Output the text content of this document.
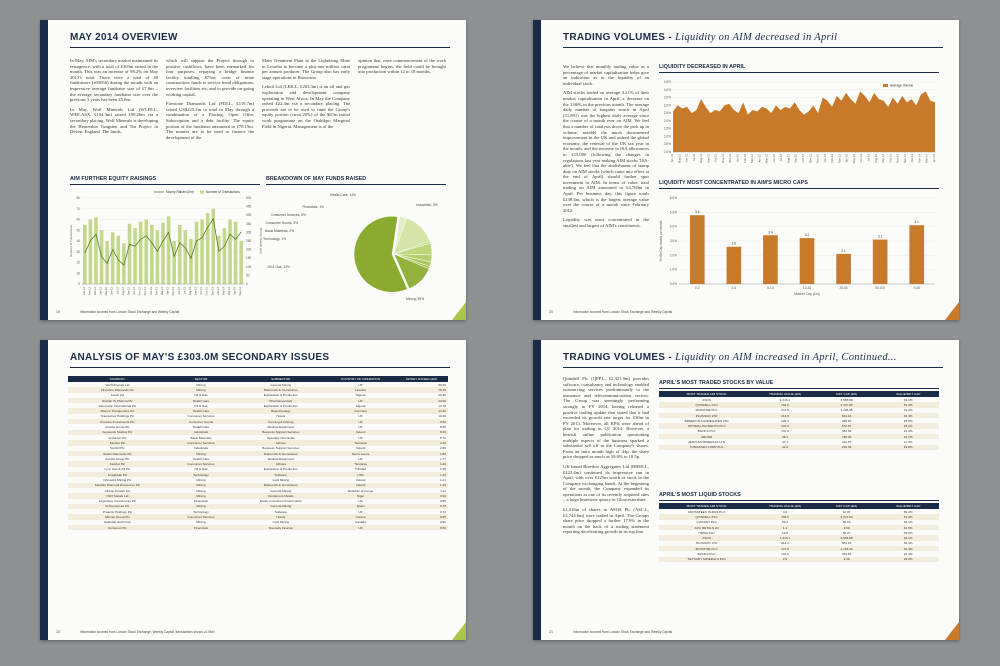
MAY 2014 OVERVIEW

In May, AIM's secondary market maintained its resurgence, with a total of £303m raised in the month. This was an increase of 98.2% on May 2013's total. There were a total of 40 fundraisers (a93056) during the month with an impressive average fundraise size of £7.6m – the average secondary fundraise size over the previous 3 years has been £5.0m.

In May, Wolf Minerals Ltd (WLFE.L, WEE.ASX, £104.3m) raised £99.26m via a secondary placing. Wolf Minerals is developing the Hemerdon Tungsten and Tin Project in Devon, England. The funds,

which will support the Project through to positive cashflows, have been earmarked for four purposes: repaying a bridge finance facility totalling $75m; costs of mine construction; funds to service bond obligations; overview facilities etc; and to provide on-going working capital.

Firestone Diamonds Ltd (FDI.L, £119.7m) raised US$225.2m in total in May through a combination of a Placing, Open Offer, Subscription and a debt facility. The equity portion of the fundraise amounted to £78.19m. The monies are to be used to finance the development of the

Main Treatment Plant at the Liqhobong Mine in Lesotho to become a plus-one million carat per annum producer. The Group also has early stage operations in Botswana.

Lekoil Ltd (LEK.L, £263.3m) is an oil and gas exploration and development company operating in West Africa. In May the Company raised £22.4m via a secondary placing. The proceeds are to be used to fund the Group's equity portion (circa 20%) of the $67m initial work programme on the Otakikpo Marginal Field in Nigeria. Management is of the

opinion that, once commencement of the work programme begins, the field could be brought into production within 12 to 18 months.

AIM FURTHER EQUITY RAISINGS
0
10
20
30
40
50
60
70
80
0
50
100
150
200
250
300
350
400
450
500
Jan-12 Feb-12 Mar-12 Apr-12 May-12 Jun-12 Jul-12 Aug-12 Sep-12 Oct-12 Nov-12 Dec-12 Jan-13 Feb-13 Mar-13 Apr-13 May-13 Jun-13 Jul-13 Aug-13 Sep-13 Oct-13 Nov-13 Dec-13 Jan-14 Feb-14 Mar-14 Apr-14 May-14
Number of Transactions	Money Raised (£m)
Money Raised (£m)	Number of Transactions
BREAKDOWN OF MAY FUNDS RAISED
Industrials, 3%
Health Care, 14%
Financials, 1%
Consumer Services, 5%
Consumer Goods, 3%
Basic Materials, 2%
Technology, 1%
Oil & Gas, 12%
Mining, 59%
19	Information sourced from London Stock Exchange and Weekly Capital
TRADING VOLUMES - Liquidity on AIM decreased in April

We believe that monthly trading value as a percentage of market capitalisation helps give an indication as to the liquidity of an individual stock.

AIM stocks traded on average 3.21% of their market capitalisation in April, a decrease on the 3.86% in the previous month. The average daily number of bargains struck in April (31,891) was the highest daily average since the course of a month ever on AIM. We feel that a number of catalysts drove the pick up in volume, notably the much documented improvement in the UK and indeed the global economy, the renewal of the UK tax year in the month, and the increase in ISA allowances to £15,000 (following the changes in regulations last year making AIM stocks 'ISA-able'). We feel that the abolishment of stamp duty on AIM stocks (which came into effect at the end of April) should further spur investment in AIM. In terms of value, total trading on AIM amounted to £4,769m in April. Per business day, this figure totals £238.4m, which is the largest average value over the course of a month since February 2012.

Liquidity was most concentrated in the smallest and largest of AIM's constituents.

LIQUIDITY DECREASED IN APRIL
0.0%
0.5%
1.0%
1.5%
2.0%
2.5%
3.0%
3.5%
4.0%
4.5%
Apr-11 May-11 Jun-11 Jul-11 Aug-11 Sep-11 Oct-11 Nov-11 Dec-11 Jan-12 Feb-12 Mar-12 Apr-12 May-12 Jun-12 Jul-12 Aug-12 Sep-12 Oct-12 Nov-12 Dec-12 Jan-13 Feb-13 Mar-13 Apr-13 May-13 Jun-13 Jul-13 Aug-13 Sep-13 Oct-13 Nov-13 Dec-13 Jan-14 Feb-14 Mar-14 Apr-14
Average Volume
LIQUIDITY MOST CONCENTRATED IN AIM'S MICRO CAPS
0.0%
1.0%
2.0%
3.0%
4.0%
5.0%
6.0%
3.6
0-2
2.6
2-5
3.4
5-10
3.2
10-25
2.1
25-50
3.1
50-100
4.1
>100
Market Cap (£m)
% Mkt Cap traded per month
20	Information sourced from London Stock Exchange and Weekly Capital
ANALYSIS OF MAY'S £303.0M SECONDARY ISSUES
COMPANY	SECTOR	SUBSECTOR	COUNTRY OF OPERATION	MONEY RAISED (£M)
Wolf Minerals Ltd	Mining	General Mining	UK	99.26
Firestone Diamonds Plc	Mining	Diamonds & Gemstones	Lesotho	78.19
Lekoil Ltd	Oil & Gas	Exploration & Production	Nigeria	22.36
Sinclair IS Pharma Plc	Health Care	Pharmaceuticals	UK	20.00
Petroceltic International Plc	Oil & Gas	Exploration & Production	Algeria	13.78
Silence Therapeutics Plc	Health Care	Biotechnology	Germany	13.36
Snoozebox Holdings Plc	Consumer Services	Hotels	UK	10.30
Produce Investments Plc	Consumer Goods	Farming & Fishing	UK	8.50
Arecita Group Plc	Health Care	Medical Equipment	UK	8.35
Keywords Studios Plc	Industrials	Business Support Services	Ireland	8.33
Versarien Plc	Basic Materials	Specialty Chemicals	UK	5.72
FastJet Plc	Consumer Services	Airlines	Tanzania	2.33
Nutrizil Plc	Industrials	Business Support Services	Ireland	2.06
Stellar Diamonds Plc	Mining	Diamonds & Gemstones	Sierra Leone	1.85
Arecita Group Plc	Health Care	Medical Equipment	UK	1.77
FastJet Plc	Consumer Services	Airlines	Tanzania	1.40
Lynx Gas & Oil Plc	Oil & Gas	Exploration & Production	Trinidad	1.38
Imaginatik Plc	Technology	Software	USA	1.26
Chinooks Mining Plc	Mining	Gold Mining	Ireland	1.21
Karelian Diamond Resources Plc	Mining	Diamonds & Gemstones	Ireland	1.16
African Potash Ltd	Mining	General Mining	Republic of Congo	1.11
ODX Metals Ltd	Mining	Nonferrous Metals	Niger	0.94
Legendary Investments Plc	Financials	Equity Investment Instruments	UK	0.85
W Resources Plc	Mining	General Mining	Spain	0.79
Proactis Holdings Plc	Technology	Software	UK	0.72
Mincan Group Plc	Consumer Services	Hotels	Greece	0.65
Galantas Gold Corp	Mining	Gold Mining	Canada	0.52
Dorlemus Plc	Financials	Specialty Finance	UK	0.50
20	Information sourced from London Stock Exchange, Weekly Capital, transactions shown ≥0.5Mn
TRADING VOLUMES - Liquidity on AIM increased in April, Continued...

Quindell Plc (QPP.L, £2,321.9m) provides software, consultancy and technology enabled outsourcing services predominantly to the insurance and telecommunications sectors. The Group was seemingly performing strongly in FY 2014, having released a positive trading update that stated that it had exceeded its growth rate target for £30m in FY 2013. Moreover, all KPIs were ahead of plan for trading in Q1 2014. However, a bearish online publication questioning multiple aspects of the business sparked a substantial sell off in the Company's shares. From an intra month high of 44p, the share price dropped as much as 59.8% to 18.5p.

UK based Breedon Aggregates Ltd (BREE.L, £422.4m) continued its impressive run in April, with over £125m worth of stock in the Company exchanging hands. At the beginning of the month, the Company expanded its operations at one of its recently acquired sites – a large limestone quarry in Gloucestershire.

£1,316m of shares in ASOS Plc (ASC.L, £3,744.6m) were traded in April. The Groups share price dropped a further 17.6% in the month on the back of a trading statement reporting decelerating growth in its top line.

APRIL'S MOST TRADED STOCKS BY VALUE
MOST TRADED AIM STOCK	TRADING VALUE (£M)	MKT CAP (£M)	VALUE/MKT CAP
ASOS	1,316.1	3,565.68	32.1%
QUINDELL PLC	794.6	3,347.83	51.3%
MONITISE PLC	374.8	1,195.36	31.4%
PLUSSOO LTD	214.0	661.16	32.4%
BREEDON AGGREGATES LTD	125.3	490.87	25.5%
OPTIMAL PAYMENTS PLC	134.9	572.07	18.1%
BLINKX PLC	131.9	354.64	21.4%
ABCAM	99.1	782.95	12.7%
AFRICAN MINERALS LTD	47.1	413.07	11.4%
TUNGSTEN CORP PLC	41.8	216.36	19.8%
APRIL'S MOST LIQUID STOCKS
MOST TRADED AIM STOCK	TRADING VALUE (£M)	MKT CAP (£M)	VALUE/MKT CAP
CROSSTEEK HLDGS PLC	4.6	10.07	65.2%
QUINDELL PLC	794.6	3,347.83	51.3%
QUIXANT PLC	69.3	56.69	62.1%
ARU METALS LD	1.1	2.50	42.5%
HIPNA PLC	19.5	50.07	35.0%
ASOS	1,316.1	3,565.68	32.1%
PLUSSOO LTD	214.0	661.16	32.4%
MONITISE PLC	374.8	1,195.36	31.4%
BLINKX PLC	131.9	354.64	21.4%
TEXTAIRY MINERALS PLC	2.9	9.36	29.8%
21	Information sourced from London Stock Exchange and Weekly Capital
